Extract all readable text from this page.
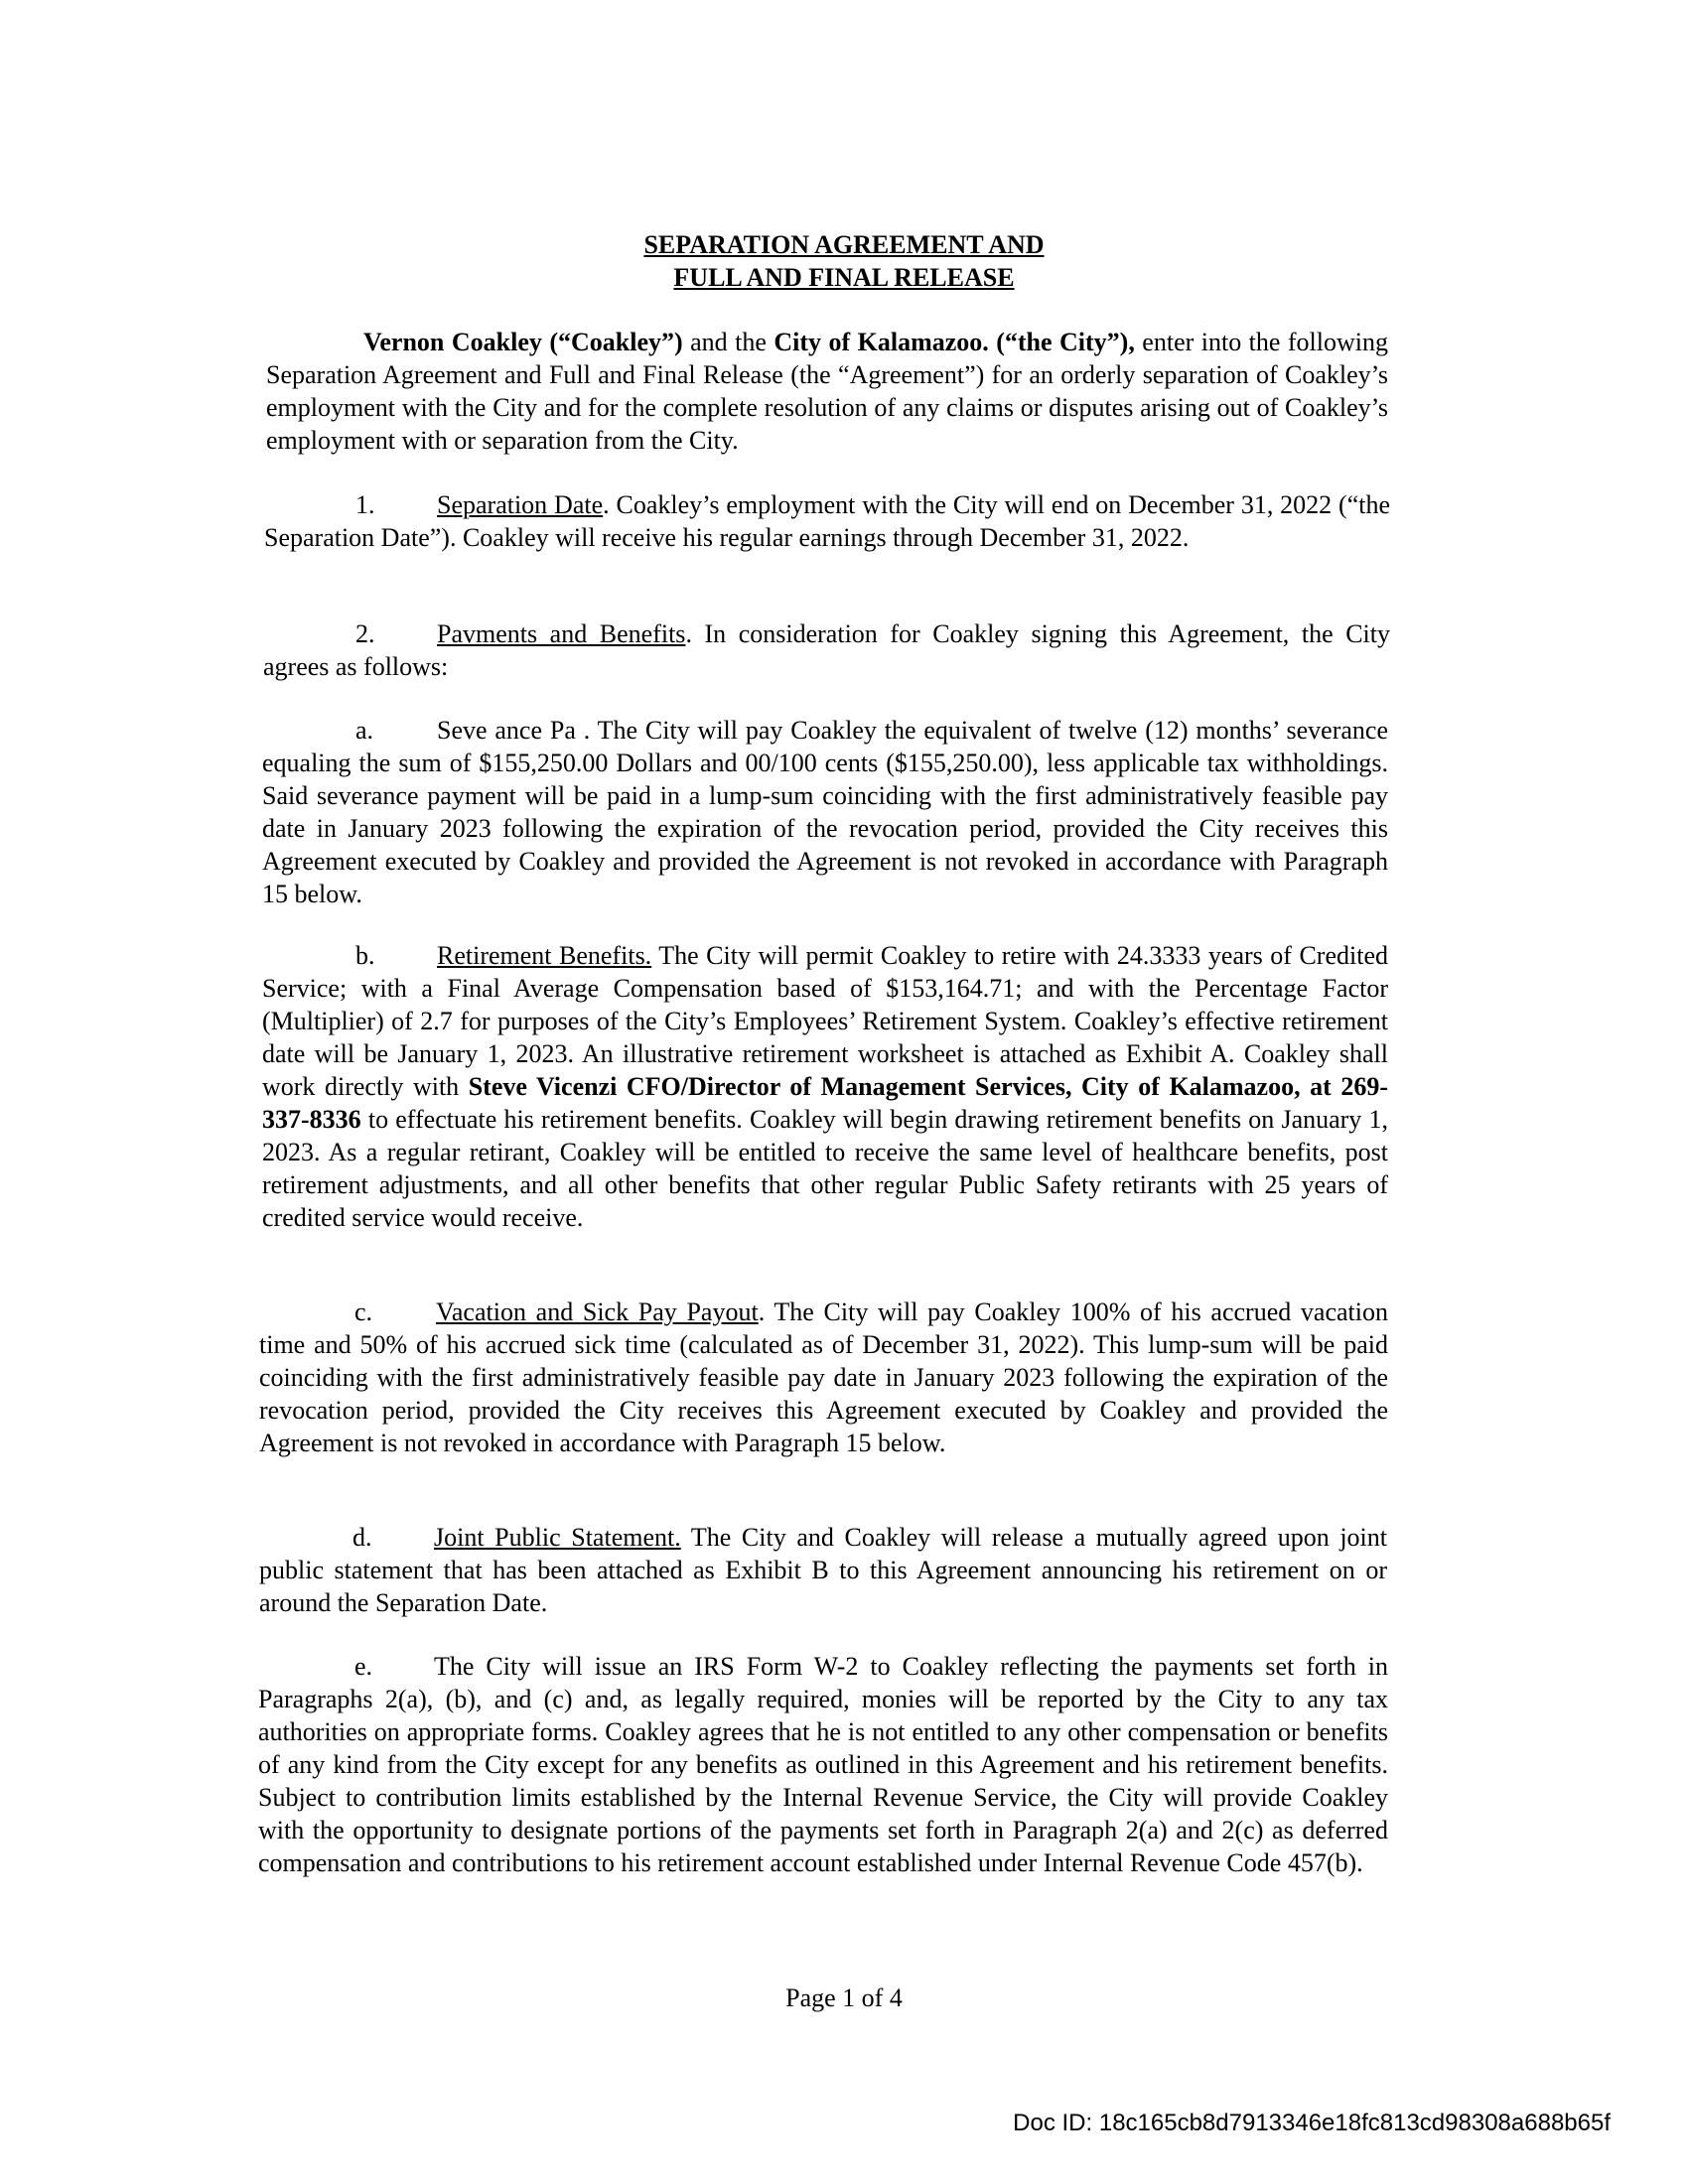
SEPARATION AGREEMENT AND
FULL AND FINAL RELEASE

Vernon Coakley (“Coakley”) and the City of Kalamazoo. (“the City”), enter into the following Separation Agreement and Full and Final Release (the “Agreement”) for an orderly separation of Coakley’s employment with the City and for the complete resolution of any claims or disputes arising out of Coakley’s employment with or separation from the City.

1. Separation Date. Coakley’s employment with the City will end on December 31, 2022 (“the Separation Date”). Coakley will receive his regular earnings through December 31, 2022.

2. Pavments and Benefits. In consideration for Coakley signing this Agreement, the City agrees as follows:

a. Seve ance Pa . The City will pay Coakley the equivalent of twelve (12) months’ severance equaling the sum of $155,250.00 Dollars and 00/100 cents ($155,250.00), less applicable tax withholdings. Said severance payment will be paid in a lump-sum coinciding with the first administratively feasible pay date in January 2023 following the expiration of the revocation period, provided the City receives this Agreement executed by Coakley and provided the Agreement is not revoked in accordance with Paragraph 15 below.

b. Retirement Benefits. The City will permit Coakley to retire with 24.3333 years of Credited Service; with a Final Average Compensation based of $153,164.71; and with the Percentage Factor (Multiplier) of 2.7 for purposes of the City’s Employees’ Retirement System. Coakley’s effective retirement date will be January 1, 2023. An illustrative retirement worksheet is attached as Exhibit A. Coakley shall work directly with Steve Vicenzi CFO/Director of Management Services, City of Kalamazoo, at 269-337-8336 to effectuate his retirement benefits. Coakley will begin drawing retirement benefits on January 1, 2023. As a regular retirant, Coakley will be entitled to receive the same level of healthcare benefits, post retirement adjustments, and all other benefits that other regular Public Safety retirants with 25 years of credited service would receive.

c. Vacation and Sick Pay Payout. The City will pay Coakley 100% of his accrued vacation time and 50% of his accrued sick time (calculated as of December 31, 2022). This lump-sum will be paid coinciding with the first administratively feasible pay date in January 2023 following the expiration of the revocation period, provided the City receives this Agreement executed by Coakley and provided the Agreement is not revoked in accordance with Paragraph 15 below.

d. Joint Public Statement. The City and Coakley will release a mutually agreed upon joint public statement that has been attached as Exhibit B to this Agreement announcing his retirement on or around the Separation Date.

e. The City will issue an IRS Form W-2 to Coakley reflecting the payments set forth in Paragraphs 2(a), (b), and (c) and, as legally required, monies will be reported by the City to any tax authorities on appropriate forms. Coakley agrees that he is not entitled to any other compensation or benefits of any kind from the City except for any benefits as outlined in this Agreement and his retirement benefits. Subject to contribution limits established by the Internal Revenue Service, the City will provide Coakley with the opportunity to designate portions of the payments set forth in Paragraph 2(a) and 2(c) as deferred compensation and contributions to his retirement account established under Internal Revenue Code 457(b).

Page 1 of 4
Doc ID: 18c165cb8d7913346e18fc813cd98308a688b65f
